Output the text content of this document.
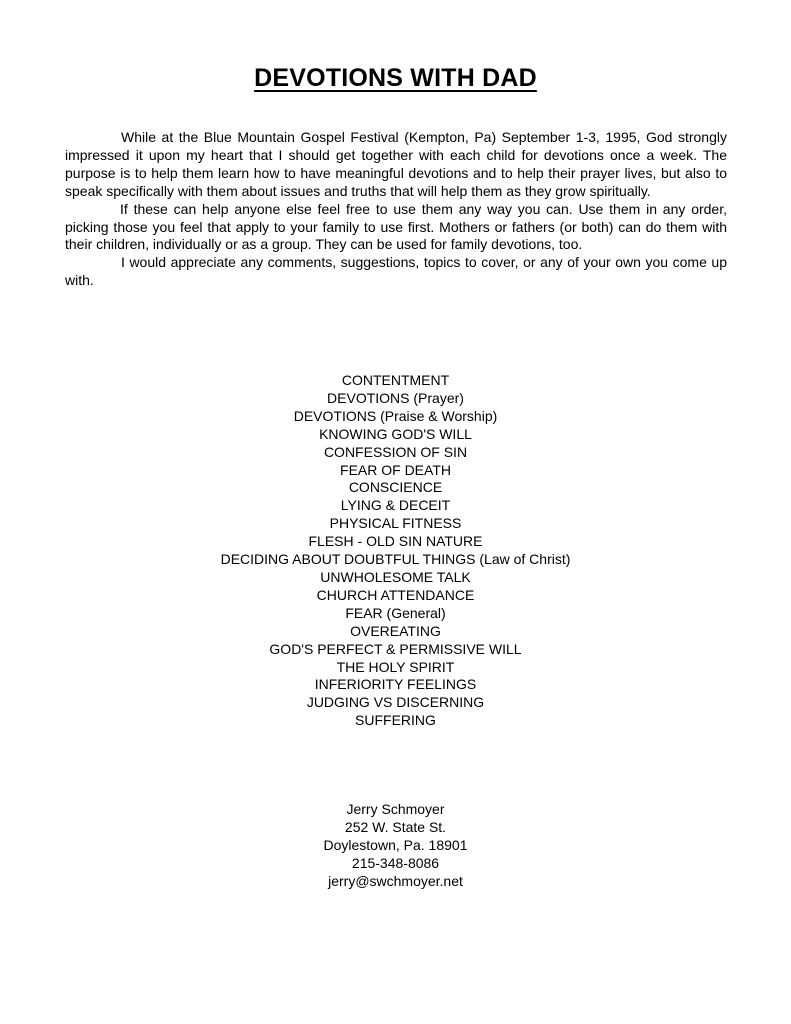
DEVOTIONS WITH DAD

While at the Blue Mountain Gospel Festival (Kempton, Pa) September 1-3, 1995, God strongly impressed it upon my heart that I should get together with each child for devotions once a week. The purpose is to help them learn how to have meaningful devotions and to help their prayer lives, but also to speak specifically with them about issues and truths that will help them as they grow spiritually.

If these can help anyone else feel free to use them any way you can. Use them in any order, picking those you feel that apply to your family to use first. Mothers or fathers (or both) can do them with their children, individually or as a group. They can be used for family devotions, too.

I would appreciate any comments, suggestions, topics to cover, or any of your own you come up with.

CONTENTMENT
DEVOTIONS (Prayer)
DEVOTIONS (Praise & Worship)
KNOWING GOD'S WILL
CONFESSION OF SIN
FEAR OF DEATH
CONSCIENCE
LYING & DECEIT
PHYSICAL FITNESS
FLESH - OLD SIN NATURE
DECIDING ABOUT DOUBTFUL THINGS (Law of Christ)
UNWHOLESOME TALK
CHURCH ATTENDANCE
FEAR (General)
OVEREATING
GOD'S PERFECT & PERMISSIVE WILL
THE HOLY SPIRIT
INFERIORITY FEELINGS
JUDGING VS DISCERNING
SUFFERING
Jerry Schmoyer
252 W. State St.
Doylestown, Pa. 18901
215-348-8086
jerry@swchmoyer.net
